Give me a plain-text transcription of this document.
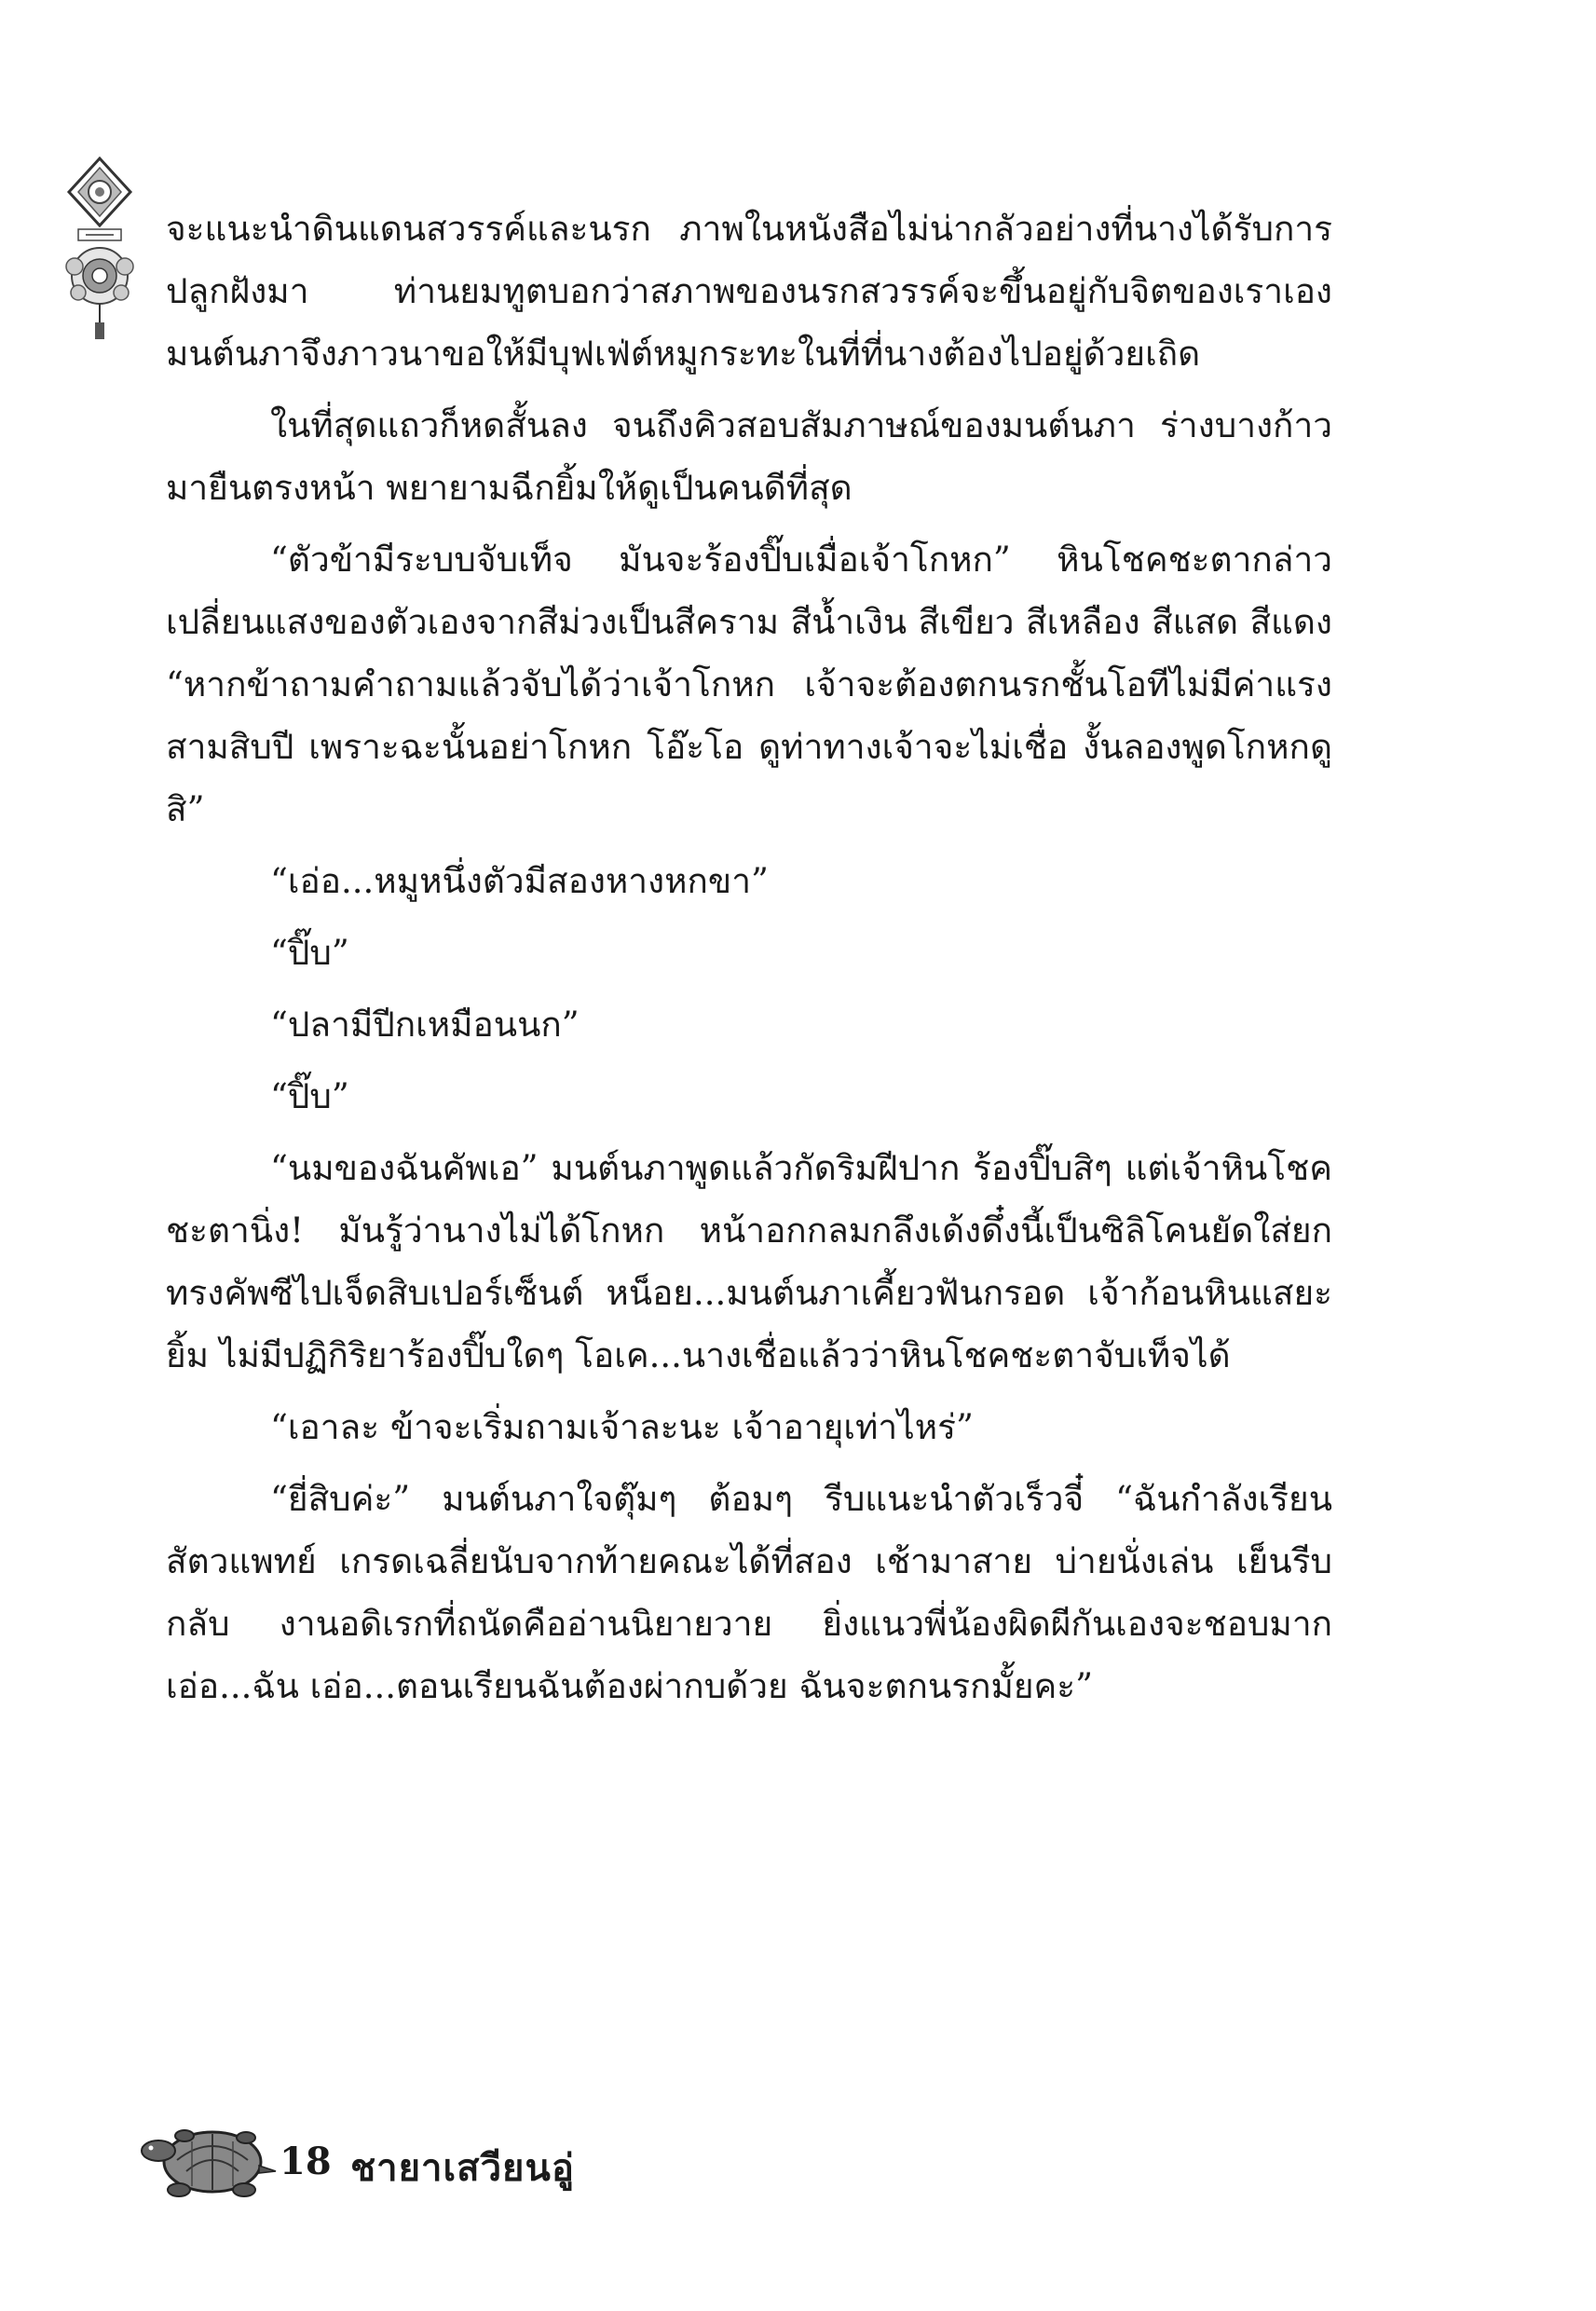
จะแนะนำดินแดนสวรรค์และนรก ภาพในหนังสือไม่น่ากลัวอย่างที่นางได้รับการปลูกฝังมา ท่านยมทูตบอกว่าสภาพของนรกสวรรค์จะขึ้นอยู่กับจิตของเราเอง มนต์นภาจึงภาวนาขอให้มีบุฟเฟ่ต์หมูกระทะในที่ที่นางต้องไปอยู่ด้วยเถิด

ในที่สุดแถวก็หดสั้นลง จนถึงคิวสอบสัมภาษณ์ของมนต์นภา ร่างบางก้าวมายืนตรงหน้า พยายามฉีกยิ้มให้ดูเป็นคนดีที่สุด

“ตัวข้ามีระบบจับเท็จ มันจะร้องปิ๊บเมื่อเจ้าโกหก” หินโชคชะตากล่าว เปลี่ยนแสงของตัวเองจากสีม่วงเป็นสีคราม สีน้ำเงิน สีเขียว สีเหลือง สีแสด สีแดง “หากข้าถามคำถามแล้วจับได้ว่าเจ้าโกหก เจ้าจะต้องตกนรกชั้นโอทีไม่มีค่าแรงสามสิบปี เพราะฉะนั้นอย่าโกหก โอ๊ะโอ ดูท่าทางเจ้าจะไม่เชื่อ งั้นลองพูดโกหกดูสิ”

“เอ่อ...หมูหนึ่งตัวมีสองหางหกขา”

“ปิ๊บ”

“ปลามีปีกเหมือนนก”

“ปิ๊บ”

“นมของฉันคัพเอ” มนต์นภาพูดแล้วกัดริมฝีปาก ร้องปิ๊บสิๆ แต่เจ้าหินโชคชะตานิ่ง! มันรู้ว่านางไม่ได้โกหก หน้าอกกลมกลึงเด้งดึ๋งนี้เป็นซิลิโคนยัดใส่ยกทรงคัพซีไปเจ็ดสิบเปอร์เซ็นต์ หน็อย...มนต์นภาเคี้ยวฟันกรอด เจ้าก้อนหินแสยะยิ้ม ไม่มีปฏิกิริยาร้องปิ๊บใดๆ โอเค...นางเชื่อแล้วว่าหินโชคชะตาจับเท็จได้

“เอาละ ข้าจะเริ่มถามเจ้าละนะ เจ้าอายุเท่าไหร่”

“ยี่สิบค่ะ” มนต์นภาใจตุ๊มๆ ต้อมๆ รีบแนะนำตัวเร็วจี๋ “ฉันกำลังเรียนสัตวแพทย์ เกรดเฉลี่ยนับจากท้ายคณะได้ที่สอง เช้ามาสาย บ่ายนั่งเล่น เย็นรีบกลับ งานอดิเรกที่ถนัดคืออ่านนิยายวาย ยิ่งแนวพี่น้องผิดผีกันเองจะชอบมาก เอ่อ...ฉัน เอ่อ...ตอนเรียนฉันต้องผ่ากบด้วย ฉันจะตกนรกมั้ยคะ”

18 ชายาเสวียนอู่
